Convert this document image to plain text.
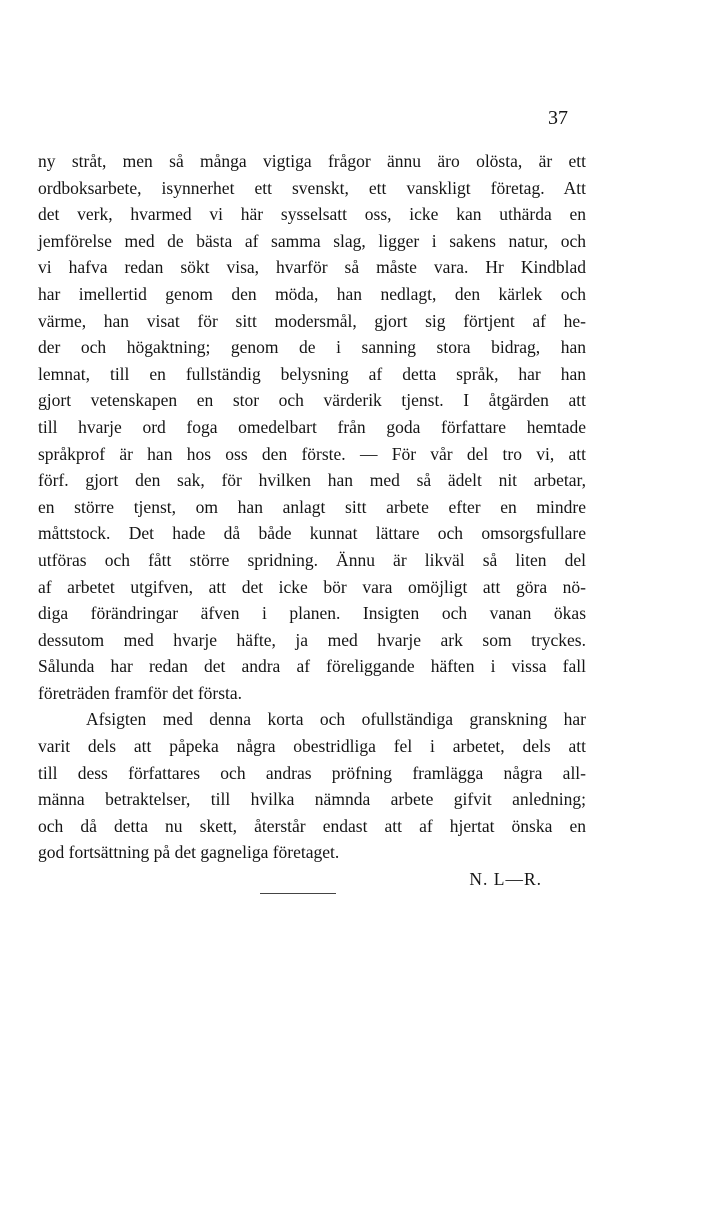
37
ny stråt, men så många vigtiga frågor ännu äro olösta, är ett
ordboksarbete, isynnerhet ett svenskt, ett vanskligt företag. Att
det verk, hvarmed vi här sysselsatt oss, icke kan uthärda en
jemförelse med de bästa af samma slag, ligger i sakens natur, och
vi hafva redan sökt visa, hvarför så måste vara. Hr Kindblad
har imellertid genom den möda, han nedlagt, den kärlek och
värme, han visat för sitt modersmål, gjort sig förtjent af he-
der och högaktning; genom de i sanning stora bidrag, han
lemnat, till en fullständig belysning af detta språk, har han
gjort vetenskapen en stor och värderik tjenst. I åtgärden att
till hvarje ord foga omedelbart från goda författare hemtade
språkprof är han hos oss den förste. — För vår del tro vi, att
förf. gjort den sak, för hvilken han med så ädelt nit arbetar,
en större tjenst, om han anlagt sitt arbete efter en mindre
måttstock. Det hade då både kunnat lättare och omsorgsfullare
utföras och fått större spridning. Ännu är likväl så liten del
af arbetet utgifven, att det icke bör vara omöjligt att göra nö-
diga förändringar äfven i planen. Insigten och vanan ökas
dessutom med hvarje häfte, ja med hvarje ark som tryckes.
Sålunda har redan det andra af föreliggande häften i vissa fall
företräden framför det första.
Afsigten med denna korta och ofullständiga granskning har
varit dels att påpeka några obestridliga fel i arbetet, dels att
till dess författares och andras pröfning framlägga några all-
männa betraktelser, till hvilka nämnda arbete gifvit anledning;
och då detta nu skett, återstår endast att af hjertat önska en
god fortsättning på det gagneliga företaget.
N. L—R.
